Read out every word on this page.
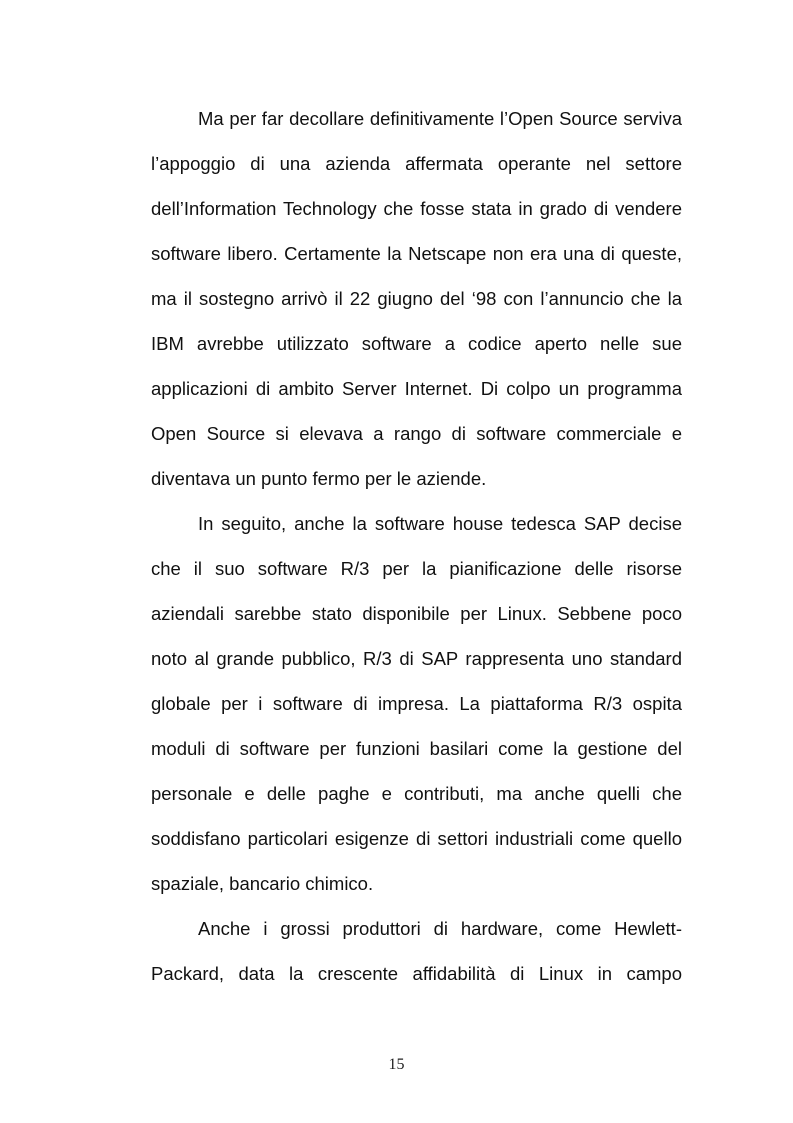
Ma per far decollare definitivamente l’Open Source serviva
l’appoggio di una azienda affermata operante nel settore
dell’Information Technology che fosse stata in grado di vendere
software libero. Certamente la Netscape non era una di queste,
ma il sostegno arrivò il 22 giugno del ‘98 con l’annuncio che la
IBM avrebbe utilizzato software a codice aperto nelle sue
applicazioni di ambito Server Internet. Di colpo un programma
Open Source si elevava a rango di software commerciale e
diventava un punto fermo per le aziende.
In seguito, anche la software house tedesca SAP decise
che il suo software R/3 per la pianificazione delle risorse
aziendali sarebbe stato disponibile per Linux. Sebbene poco
noto al grande pubblico, R/3 di SAP rappresenta uno standard
globale per i software di impresa. La piattaforma R/3 ospita
moduli di software per funzioni basilari come la gestione del
personale e delle paghe e contributi, ma anche quelli che
soddisfano particolari esigenze di settori industriali come quello
spaziale, bancario chimico.
Anche i grossi produttori di hardware, come Hewlett-
Packard, data la crescente affidabilità di Linux in campo
15
